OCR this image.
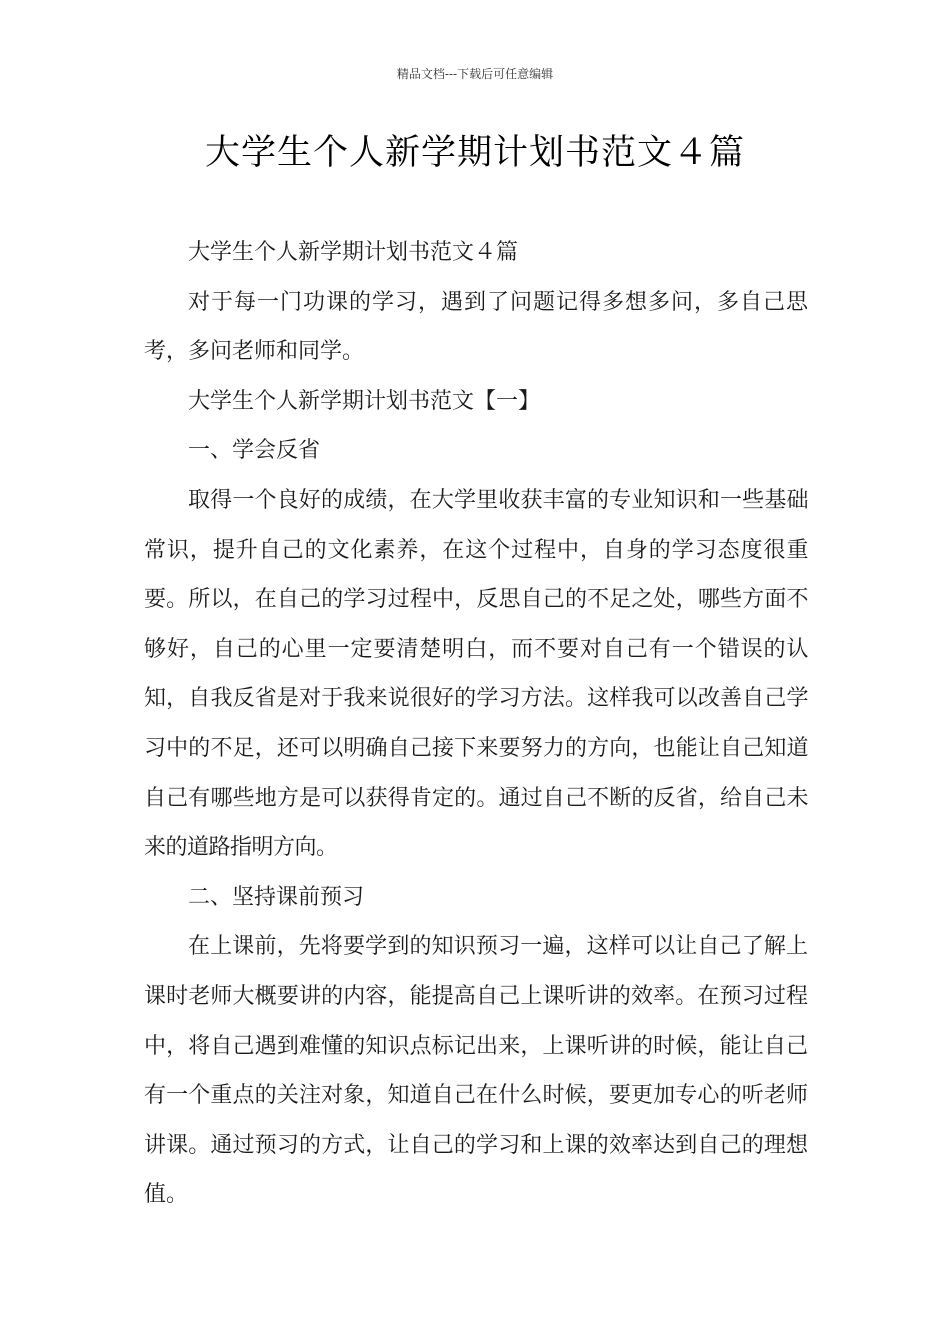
精品文档---下载后可任意编辑
大学生个人新学期计划书范文４篇

大学生个人新学期计划书范文４篇

对于每一门功课的学习，遇到了问题记得多想多问，多自己思考，多问老师和同学。

大学生个人新学期计划书范文【一】

一、学会反省

取得一个良好的成绩，在大学里收获丰富的专业知识和一些基础常识，提升自己的文化素养，在这个过程中，自身的学习态度很重要。所以，在自己的学习过程中，反思自己的不足之处，哪些方面不够好，自己的心里一定要清楚明白，而不要对自己有一个错误的认知，自我反省是对于我来说很好的学习方法。这样我可以改善自己学习中的不足，还可以明确自己接下来要努力的方向，也能让自己知道自己有哪些地方是可以获得肯定的。通过自己不断的反省，给自己未来的道路指明方向。

二、坚持课前预习

在上课前，先将要学到的知识预习一遍，这样可以让自己了解上课时老师大概要讲的内容，能提高自己上课听讲的效率。在预习过程中，将自己遇到难懂的知识点标记出来，上课听讲的时候，能让自己有一个重点的关注对象，知道自己在什么时候，要更加专心的听老师讲课。通过预习的方式，让自己的学习和上课的效率达到自己的理想值。
